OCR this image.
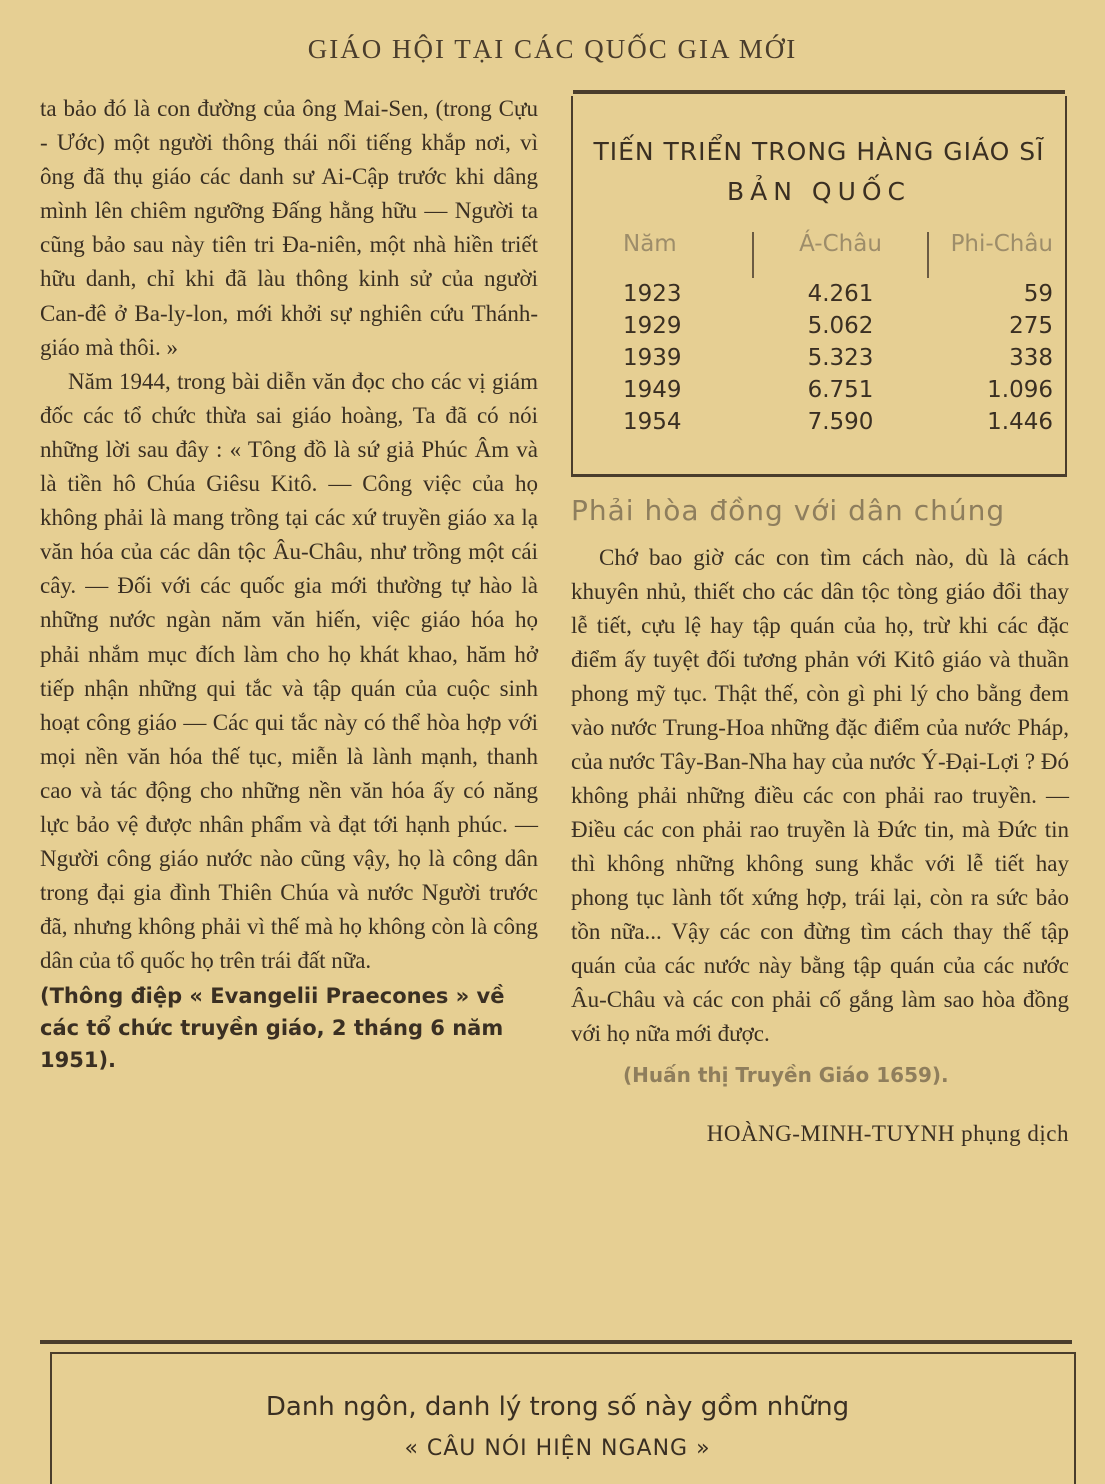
GIÁO HỘI TẠI CÁC QUỐC GIA MỚI

ta bảo đó là con đường của ông Mai-Sen, (trong Cựu - Ước) một người thông thái nổi tiếng khắp nơi, vì ông đã thụ giáo các danh sư Ai-Cập trước khi dâng mình lên chiêm ngưỡng Đấng hằng hữu — Người ta cũng bảo sau này tiên tri Đa-niên, một nhà hiền triết hữu danh, chỉ khi đã làu thông kinh sử của người Can-đê ở Ba-ly-lon, mới khởi sự nghiên cứu Thánh-giáo mà thôi. »

Năm 1944, trong bài diễn văn đọc cho các vị giám đốc các tổ chức thừa sai giáo hoàng, Ta đã có nói những lời sau đây : « Tông đồ là sứ giả Phúc Âm và là tiền hô Chúa Giêsu Kitô. — Công việc của họ không phải là mang trồng tại các xứ truyền giáo xa lạ văn hóa của các dân tộc Âu-Châu, như trồng một cái cây. — Đối với các quốc gia mới thường tự hào là những nước ngàn năm văn hiến, việc giáo hóa họ phải nhắm mục đích làm cho họ khát khao, hăm hở tiếp nhận những qui tắc và tập quán của cuộc sinh hoạt công giáo — Các qui tắc này có thể hòa hợp với mọi nền văn hóa thế tục, miễn là lành mạnh, thanh cao và tác động cho những nền văn hóa ấy có năng lực bảo vệ được nhân phẩm và đạt tới hạnh phúc. — Người công giáo nước nào cũng vậy, họ là công dân trong đại gia đình Thiên Chúa và nước Người trước đã, nhưng không phải vì thế mà họ không còn là công dân của tổ quốc họ trên trái đất nữa.

(Thông điệp « Evangelii Praecones » về các tổ chức truyền giáo, 2 tháng 6 năm 1951).
TIẾN TRIỂN TRONG HÀNG GIÁO SĨ
BẢN QUỐC
Năm	Á-Châu	Phi-Châu
1923	4.261	59
1929	5.062	275
1939	5.323	338
1949	6.751	1.096
1954	7.590	1.446
Phải hòa đồng với dân chúng

Chớ bao giờ các con tìm cách nào, dù là cách khuyên nhủ, thiết cho các dân tộc tòng giáo đổi thay lễ tiết, cựu lệ hay tập quán của họ, trừ khi các đặc điểm ấy tuyệt đối tương phản với Kitô giáo và thuần phong mỹ tục. Thật thế, còn gì phi lý cho bằng đem vào nước Trung-Hoa những đặc điểm của nước Pháp, của nước Tây-Ban-Nha hay của nước Ý-Đại-Lợi ? Đó không phải những điều các con phải rao truyền. — Điều các con phải rao truyền là Đức tin, mà Đức tin thì không những không sung khắc với lễ tiết hay phong tục lành tốt xứng hợp, trái lại, còn ra sức bảo tồn nữa... Vậy các con đừng tìm cách thay thế tập quán của các nước này bằng tập quán của các nước Âu-Châu và các con phải cố gắng làm sao hòa đồng với họ nữa mới được.

(Huấn thị Truyền Giáo 1659).
HOÀNG-MINH-TUYNH phụng dịch
Danh ngôn, danh lý trong số này gồm những
« CÂU NÓI HIỆN NGANG »
